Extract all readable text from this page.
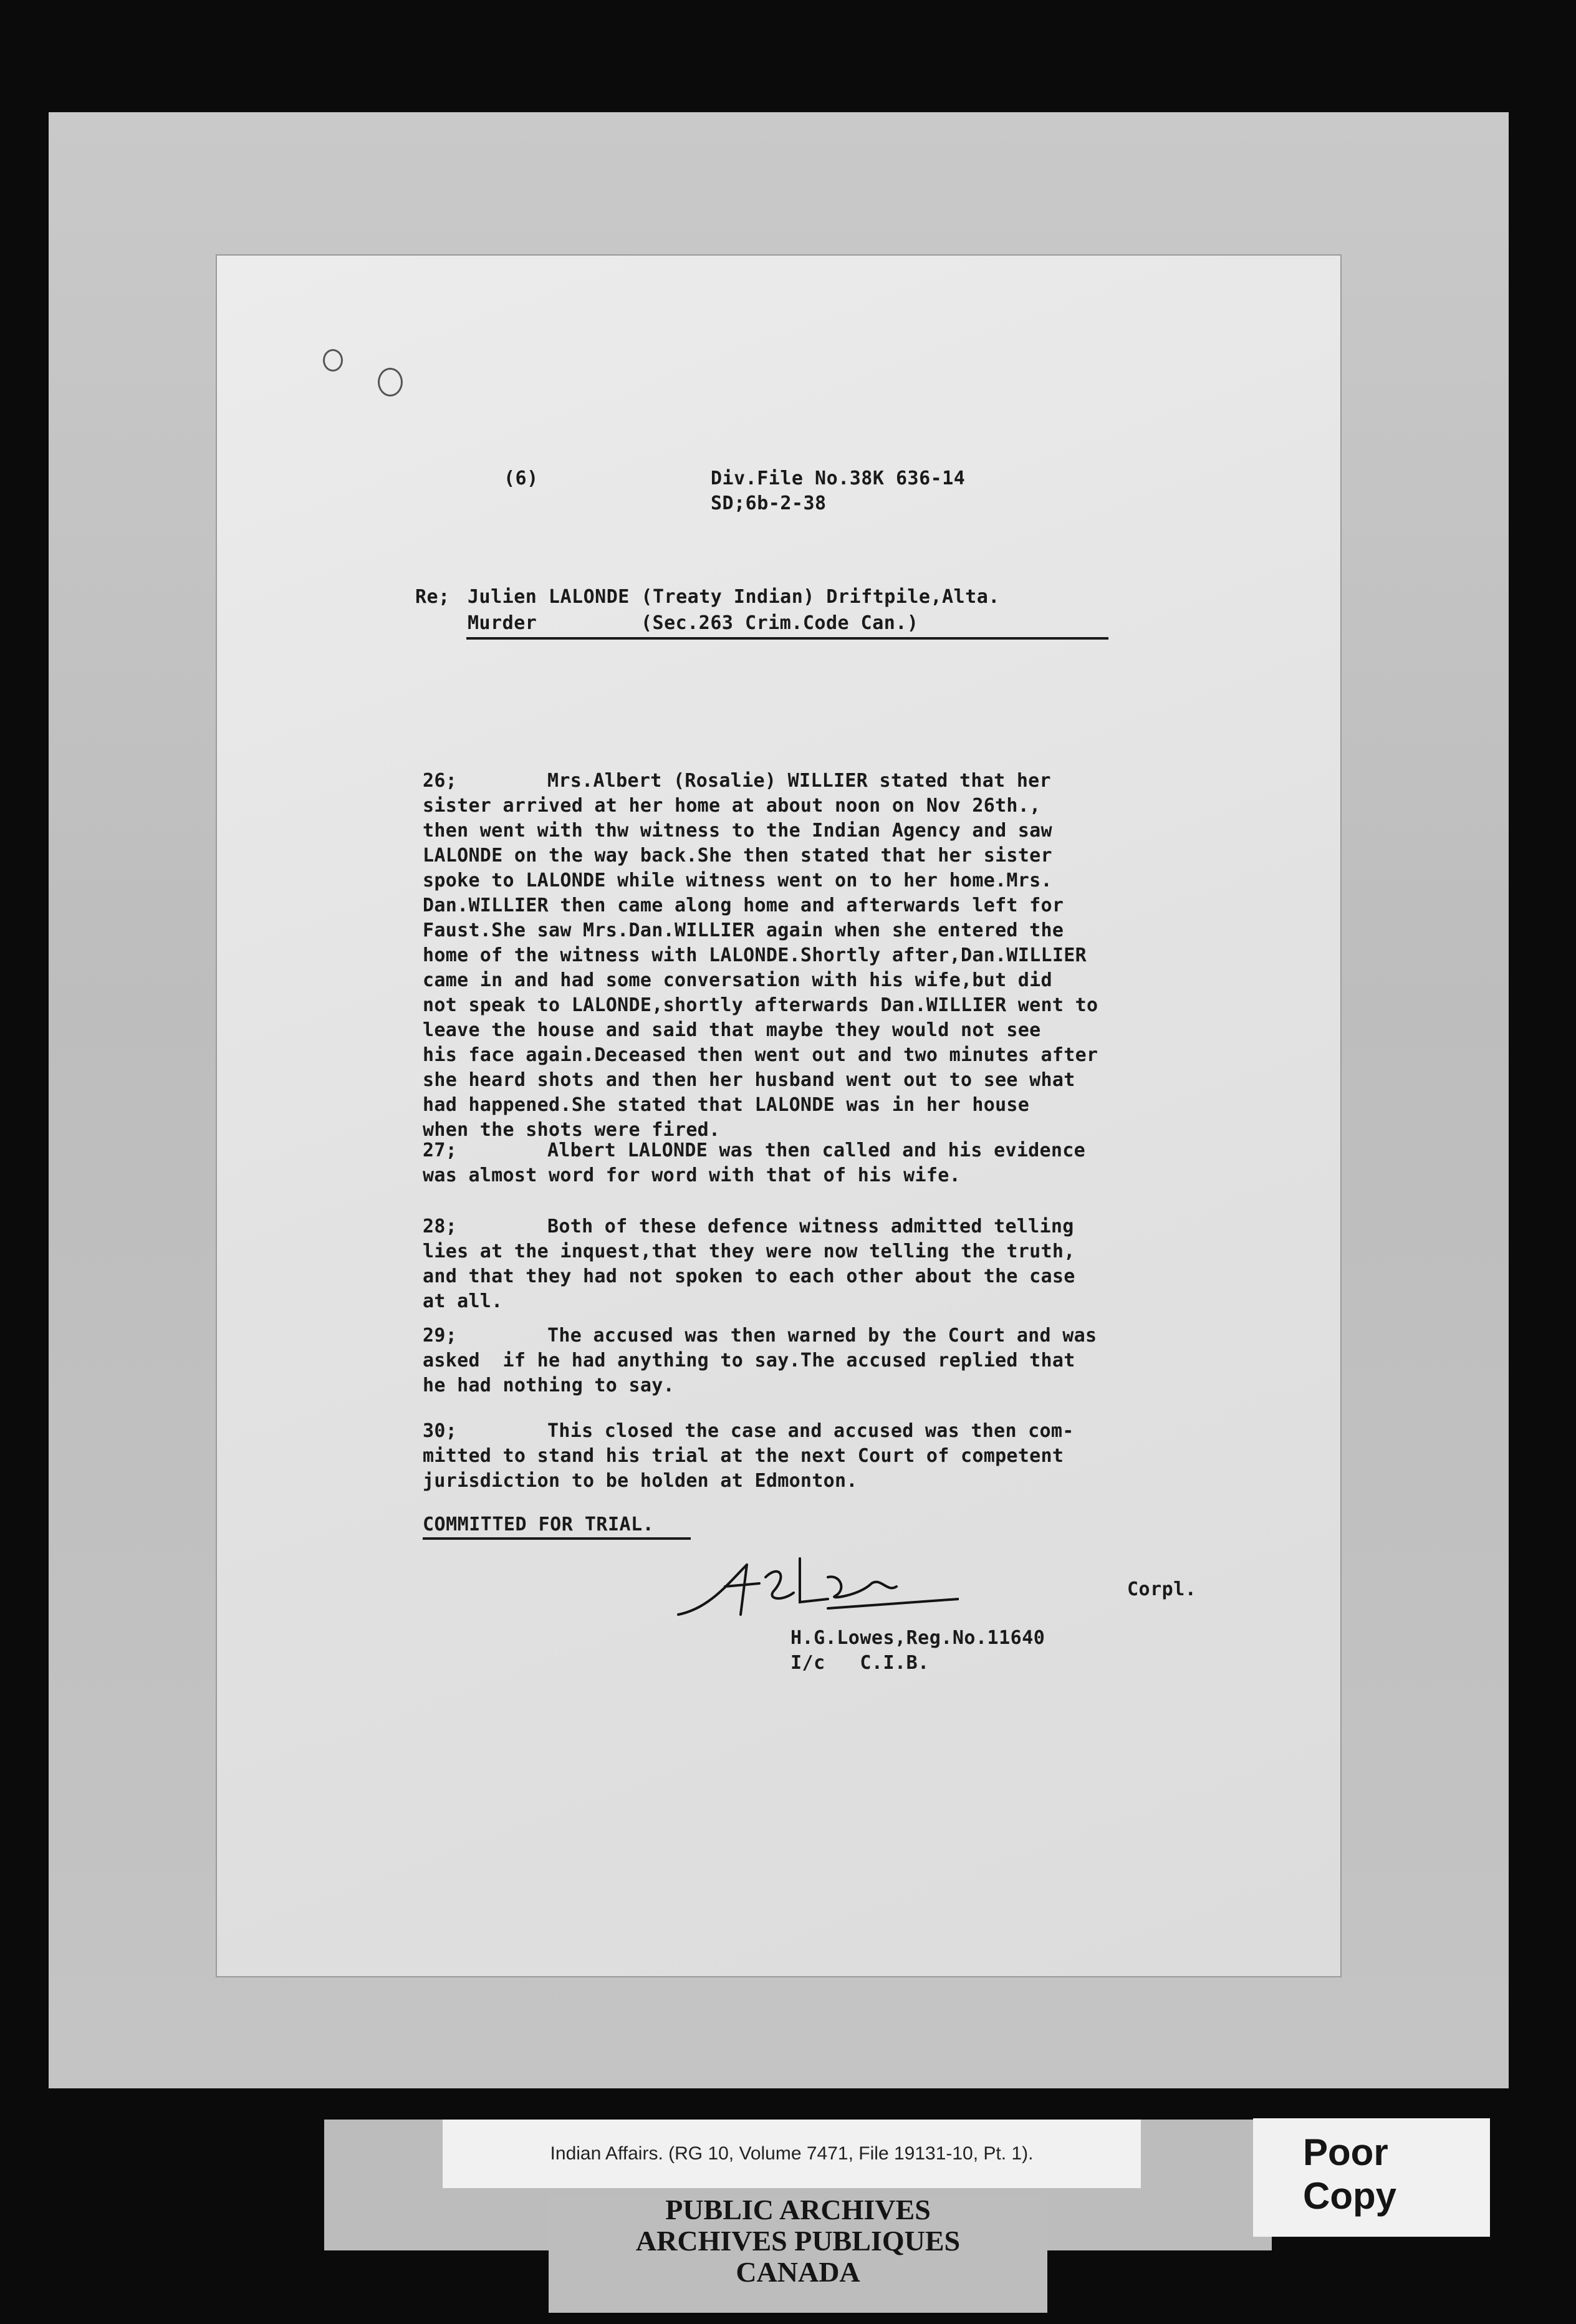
(6)	Div.File No.38K 636-14
SD;6b-2-38
Re; Julien LALONDE (Treaty Indian) Driftpile,Alta.
Murder	(Sec.263 Crim.Code Can.)
26;	Mrs.Albert (Rosalie) WILLIER stated that her
sister arrived at her home at about noon on Nov 26th.,
then went with thw witness to the Indian Agency and saw
LALONDE on the way back.She then stated that her sister
spoke to LALONDE while witness went on to her home.Mrs.
Dan.WILLIER then came along home and afterwards left for
Faust.She saw Mrs.Dan.WILLIER again when she entered the
home of the witness with LALONDE.Shortly after,Dan.WILLIER
came in and had some conversation with his wife,but did
not speak to LALONDE,shortly afterwards Dan.WILLIER went to
leave the house and said that maybe they would not see
his face again.Deceased then went out and two minutes after
she heard shots and then her husband went out to see what
had happened.She stated that LALONDE was in her house
when the shots were fired.
27;	Albert LALONDE was then called and his evidence
was almost word for word with that of his wife.
28;	Both of these defence witness admitted telling
lies at the inquest,that they were now telling the truth,
and that they had not spoken to each other about the case
at all.
29;	The accused was then warned by the Court and was
asked  if he had anything to say.The accused replied that
he had nothing to say.
30;	This closed the case and accused was then com-
mitted to stand his trial at the next Court of competent
jurisdiction to be holden at Edmonton.
COMMITTED FOR TRIAL.
Corpl.
H.G.Lowes,Reg.No.11640
I/c   C.I.B.
Indian Affairs. (RG 10, Volume 7471, File 19131-10, Pt. 1).
PUBLIC ARCHIVES
ARCHIVES PUBLIQUES
CANADA
Poor Copy
